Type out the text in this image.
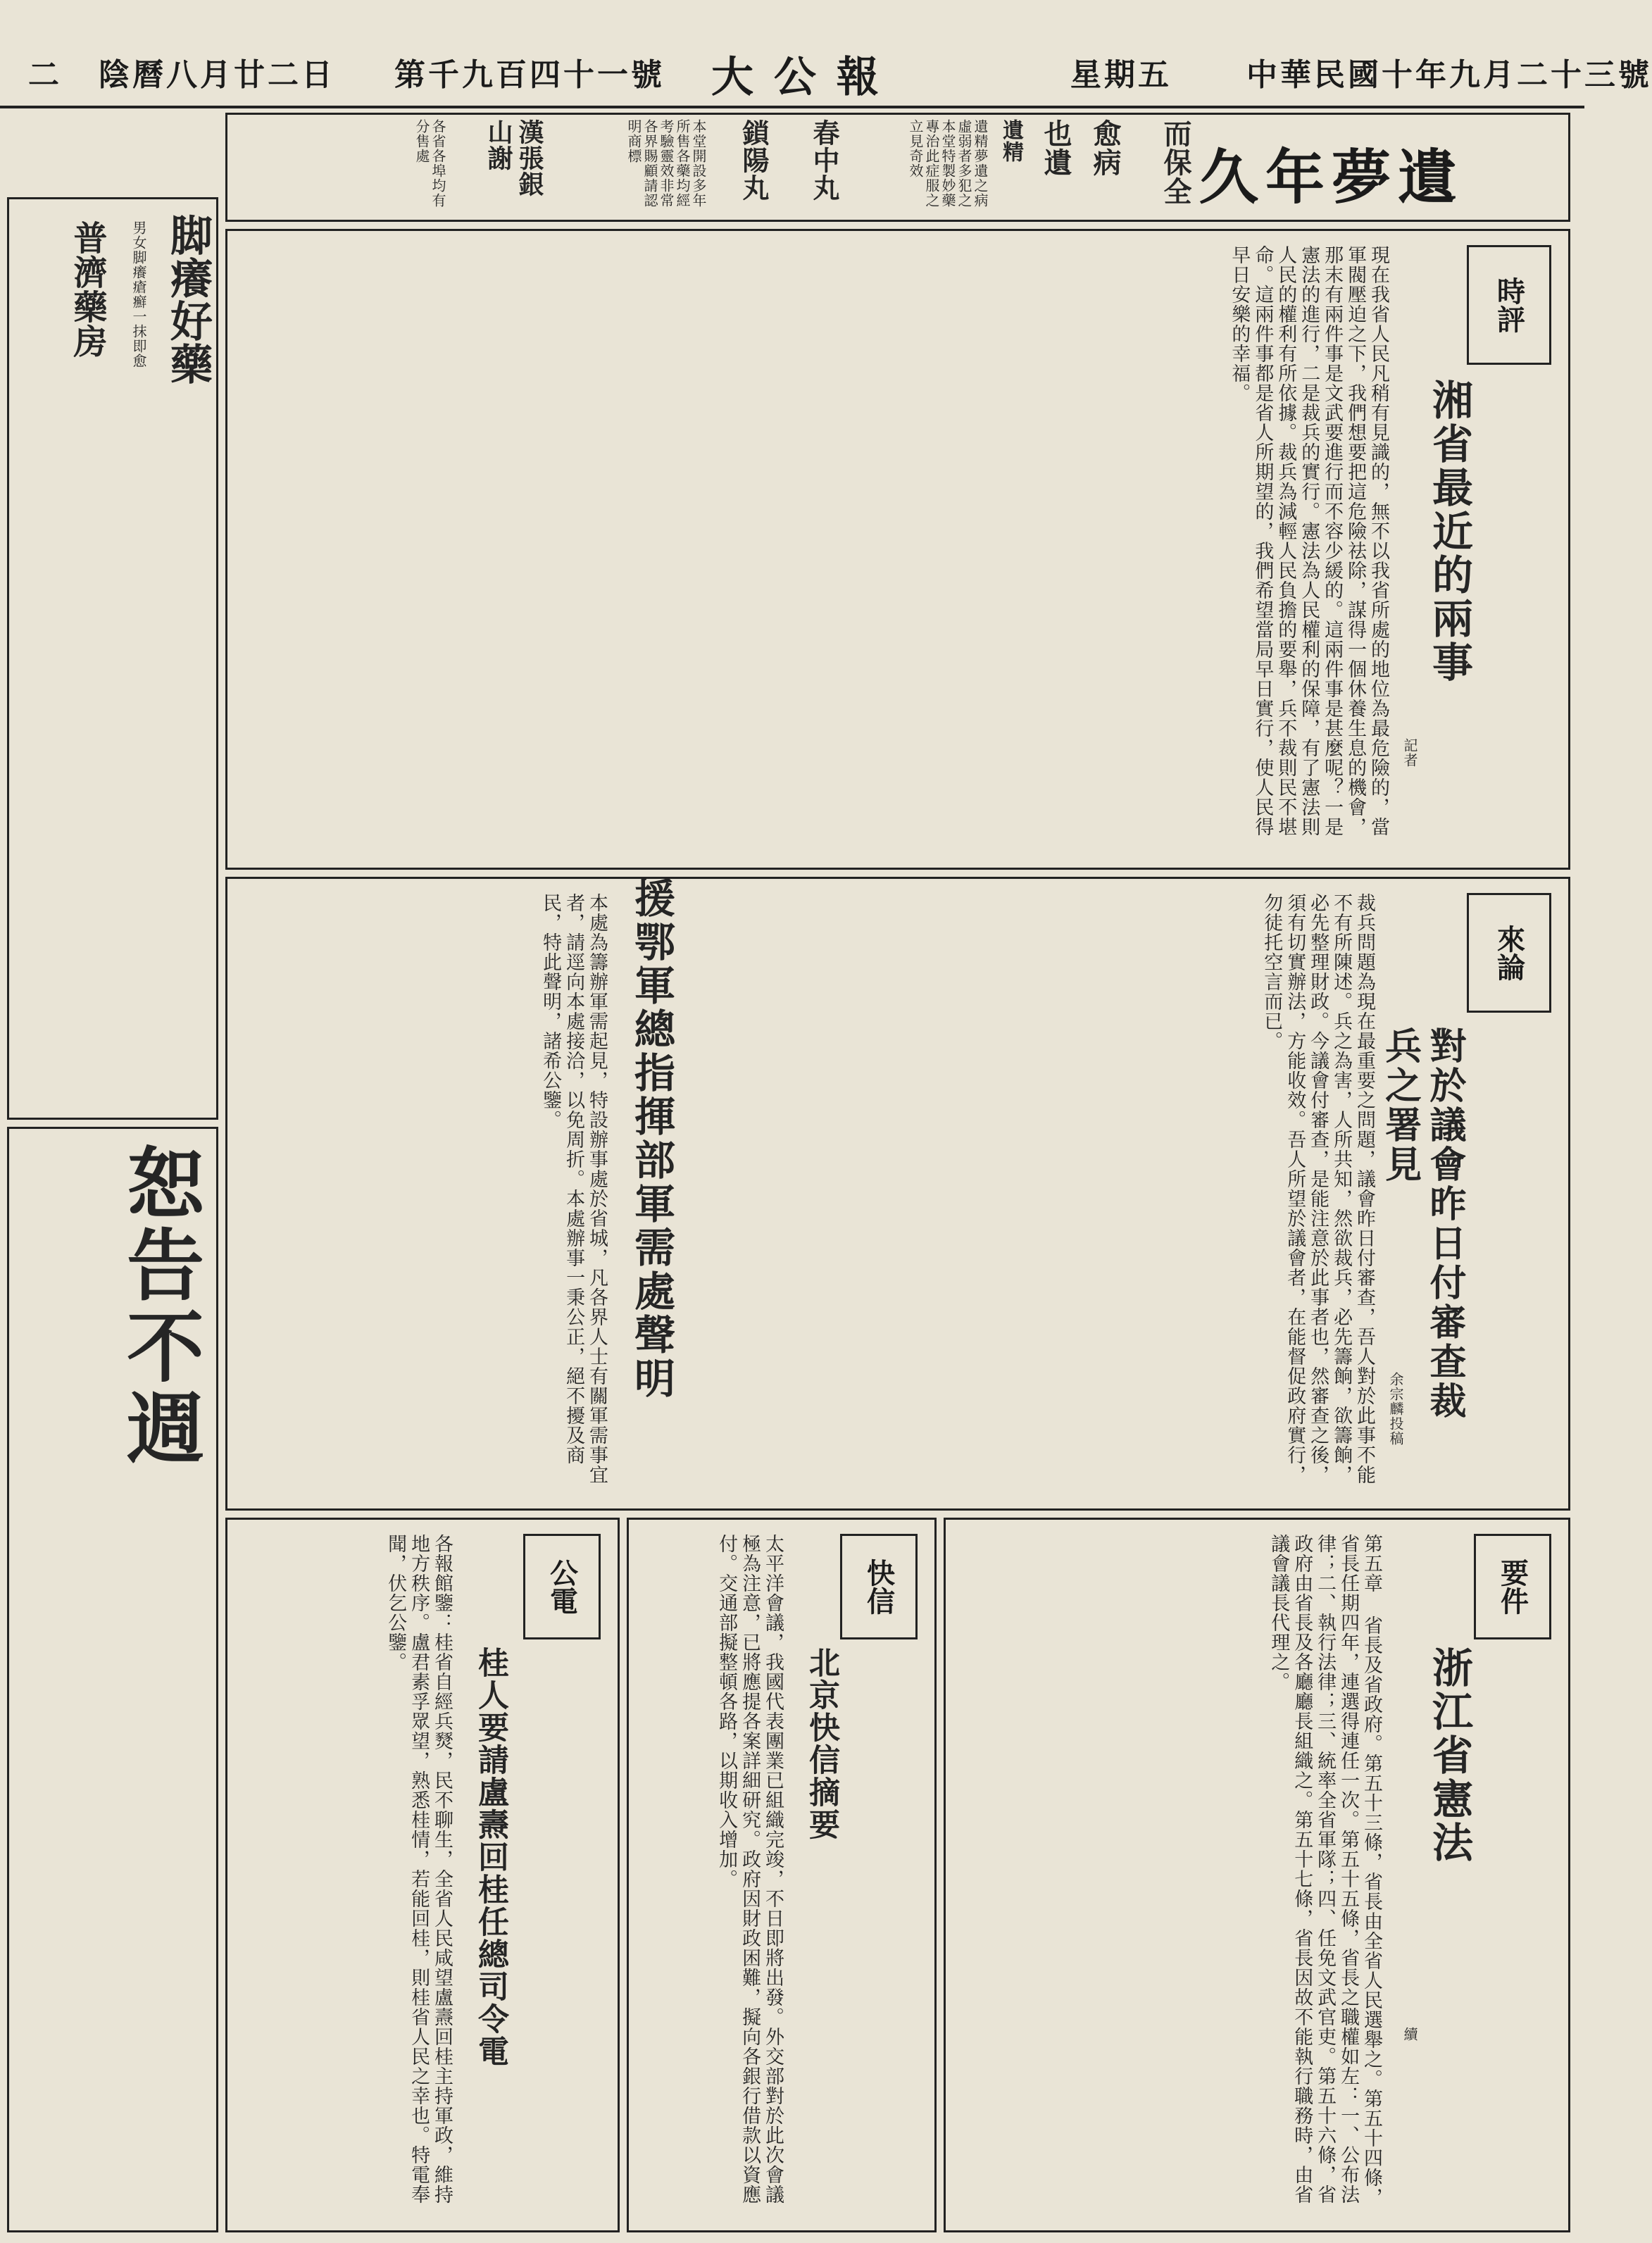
中華民國十年九月二十三號
星期五
大 公 報
第千九百四十一號
陰曆八月廿二日
二
久年夢遺
而保全
愈病
也遺
遺精
遺精夢遺之病虛弱者多犯之本堂特製妙藥專治此症服之立見奇效
春中丸
鎖陽丸
本堂開設多年所售各藥均經考驗靈效非常各界賜顧請認明商標
漢張銀山謝
各省各埠均有分售處
脚癢好藥
男女脚癢瘡癬一抹即愈
普濟藥房
恕告不週
時評
湘省最近的兩事
記者
現在我省人民凡稍有見識的，無不以我省所處的地位為最危險的，當軍閥壓迫之下，我們想要把這危險祛除，謀得一個休養生息的機會，那末有兩件事是文武要進行而不容少緩的。這兩件事是甚麼呢？一是憲法的進行，二是裁兵的實行。憲法為人民權利的保障，有了憲法則人民的權利有所依據。裁兵為減輕人民負擔的要舉，兵不裁則民不堪命。這兩件事都是省人所期望的，我們希望當局早日實行，使人民得早日安樂的幸福。
援鄂軍總指揮部軍需處聲明	來論
對於議會昨日付審查裁兵之署見
余宗麟投稿
裁兵問題為現在最重要之問題，議會昨日付審查，吾人對於此事不能不有所陳述。兵之為害，人所共知，然欲裁兵，必先籌餉，欲籌餉，必先整理財政。今議會付審查，是能注意於此事者也，然審查之後，須有切實辦法，方能收效。吾人所望於議會者，在能督促政府實行，勿徒托空言而已。
本處為籌辦軍需起見，特設辦事處於省城，凡各界人士有關軍需事宜者，請逕向本處接洽，以免周折。本處辦事一秉公正，絕不擾及商民，特此聲明，諸希公鑒。
公電
桂人要請盧燾回桂任總司令電
各報館鑒：桂省自經兵燹，民不聊生，全省人民咸望盧燾回桂主持軍政，維持地方秩序。盧君素孚眾望，熟悉桂情，若能回桂，則桂省人民之幸也。特電奉聞，伏乞公鑒。	要件
浙江省憲法
續
第五章 省長及省政府。第五十三條，省長由全省人民選舉之。第五十四條，省長任期四年，連選得連任一次。第五十五條，省長之職權如左：一、公布法律；二、執行法律；三、統率全省軍隊；四、任免文武官吏。第五十六條，省政府由省長及各廳廳長組織之。第五十七條，省長因故不能執行職務時，由省議會議長代理之。
快信
北京快信摘要
太平洋會議，我國代表團業已組織完竣，不日即將出發。外交部對於此次會議極為注意，已將應提各案詳細研究。政府因財政困難，擬向各銀行借款以資應付。交通部擬整頓各路，以期收入增加。
